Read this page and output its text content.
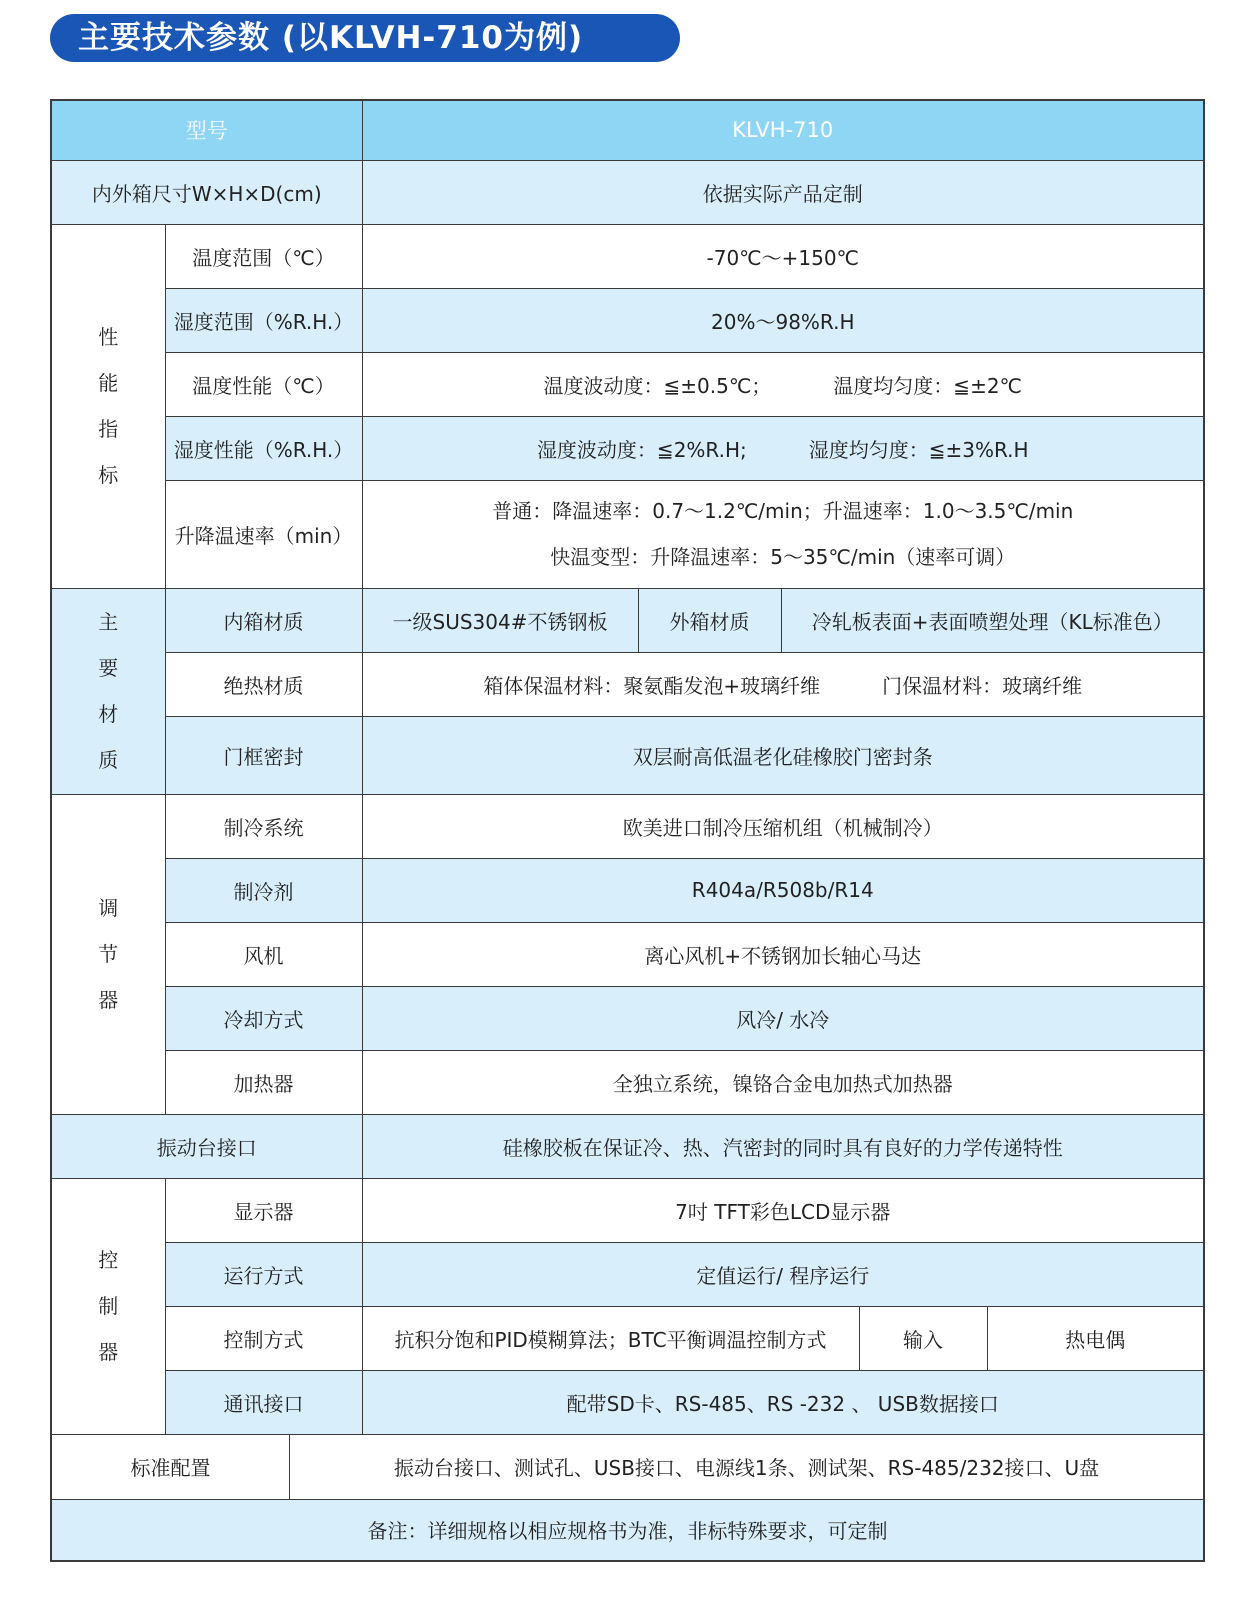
主要技术参数 (以KLVH-710为例)
型号		KLVH-710				
内外箱尺寸W×H×D(cm)		依据实际产品定制				

性
能
指
标	温度范围（℃）	-70℃～+150℃				
	湿度范围（%R.H.）	20%～98%R.H				
	温度性能（℃）	温度波动度：≦±0.5℃； 温度均匀度：≦±2℃				
	湿度性能（%R.H.）	湿度波动度：≦2%R.H; 湿度均匀度：≦±3%R.H				
	升降温速率（min）	普通：降温速率：0.7～1.2℃/min；升温速率：1.0～3.5℃/min
快温变型：升降温速率：5～35℃/min（速率可调）				

主
要
材
质	内箱材质	一级SUS304#不锈钢板	外箱材质	冷轧板表面+表面喷塑处理（KL标准色）		
	绝热材质	箱体保温材料：聚氨酯发泡+玻璃纤维 门保温材料：玻璃纤维				
	门框密封	双层耐高低温老化硅橡胶门密封条				

调
节
器	制冷系统	欧美进口制冷压缩机组（机械制冷）				
	制冷剂	R404a/R508b/R14				
	风机	离心风机+不锈钢加长轴心马达				
	冷却方式	风冷/ 水冷				
	加热器	全独立系统，镍铬合金电加热式加热器				
振动台接口		硅橡胶板在保证冷、热、汽密封的同时具有良好的力学传递特性				

控
制
器	显示器	7吋 TFT彩色LCD显示器				
	运行方式	定值运行/ 程序运行				
	控制方式	抗积分饱和PID模糊算法；BTC平衡调温控制方式			输入	热电偶
	通讯接口	配带SD卡、RS-485、RS -232 、 USB数据接口				

标准配置 振动台接口、测试孔、USB接口、电源线1条、测试架、RS-485/232接口、U盘						

备注：详细规格以相应规格书为准，非标特殊要求，可定制						
